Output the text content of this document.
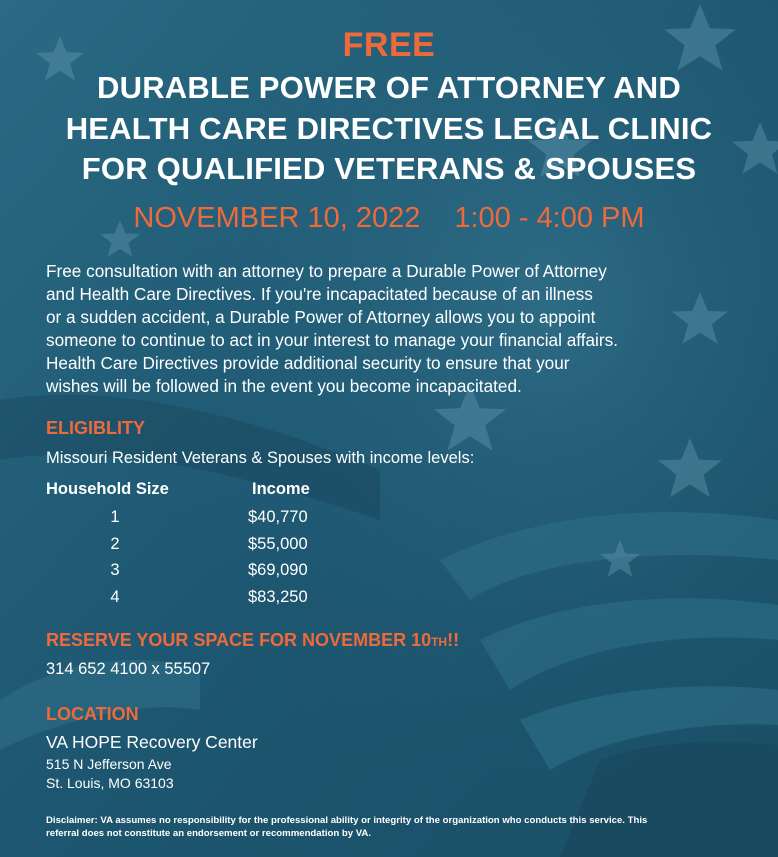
FREE
DURABLE POWER OF ATTORNEY AND
HEALTH CARE DIRECTIVES LEGAL CLINIC
FOR QUALIFIED VETERANS & SPOUSES
NOVEMBER 10, 2022 1:00 - 4:00 PM
Free consultation with an attorney to prepare a Durable Power of Attorney
and Health Care Directives. If you're incapacitated because of an illness
or a sudden accident, a Durable Power of Attorney allows you to appoint
someone to continue to act in your interest to manage your financial affairs.
Health Care Directives provide additional security to ensure that your
wishes will be followed in the event you become incapacitated.
ELIGIBLITY
Missouri Resident Veterans & Spouses with income levels:
Household Size	Income
1	$40,770
2	$55,000
3	$69,090
4	$83,250
RESERVE YOUR SPACE FOR NOVEMBER 10TH!!
314 652 4100 x 55507
LOCATION
VA HOPE Recovery Center
515 N Jefferson Ave
St. Louis, MO 63103
Disclaimer: VA assumes no responsibility for the professional ability or integrity of the organization who conducts this service. This
referral does not constitute an endorsement or recommendation by VA.
